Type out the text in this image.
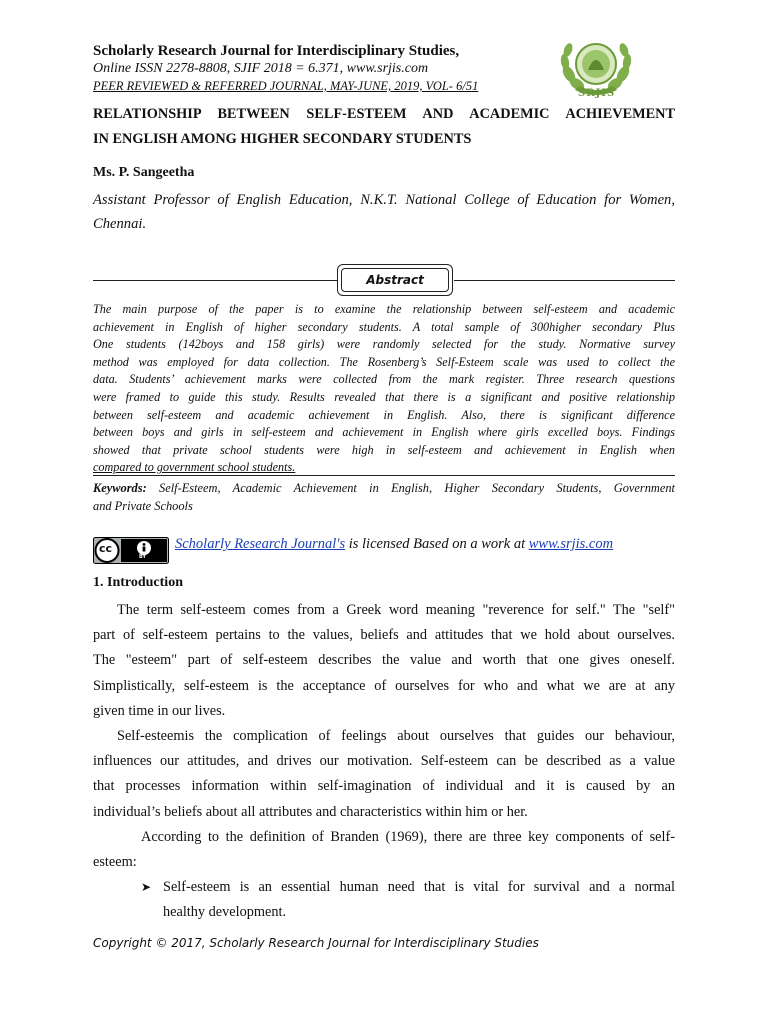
Scholarly Research Journal for Interdisciplinary Studies,
Online ISSN 2278-8808, SJIF 2018 = 6.371, www.srjis.com
PEER REVIEWED & REFERRED JOURNAL, MAY-JUNE, 2019, VOL- 6/51
SRJIS
RELATIONSHIP BETWEEN SELF-ESTEEM AND ACADEMIC ACHIEVEMENT
IN ENGLISH AMONG HIGHER SECONDARY STUDENTS
Ms. P. Sangeetha
Assistant Professor of English Education, N.K.T. National College of Education for Women,
Chennai.
Abstract
The main purpose of the paper is to examine the relationship between self-esteem and academic
achievement in English of higher secondary students. A total sample of 300higher secondary Plus
One students (142boys and 158 girls) were randomly selected for the study. Normative survey
method was employed for data collection. The Rosenberg’s Self-Esteem scale was used to collect the
data. Students’ achievement marks were collected from the mark register. Three research questions
were framed to guide this study. Results revealed that there is a significant and positive relationship
between self-esteem and academic achievement in English. Also, there is significant difference
between boys and girls in self-esteem and achievement in English where girls excelled boys. Findings
showed that private school students were high in self-esteem and achievement in English when
compared to government school students.
Keywords: Self-Esteem, Academic Achievement in English, Higher Secondary Students, Government
and Private Schools
cc
BY
Scholarly Research Journal's is licensed Based on a work at www.srjis.com
1. Introduction
The term self-esteem comes from a Greek word meaning "reverence for self." The "self"
part of self-esteem pertains to the values, beliefs and attitudes that we hold about ourselves.
The "esteem" part of self-esteem describes the value and worth that one gives oneself.
Simplistically, self-esteem is the acceptance of ourselves for who and what we are at any
given time in our lives.
Self-esteemis the complication of feelings about ourselves that guides our behaviour,
influences our attitudes, and drives our motivation. Self-esteem can be described as a value
that processes information within self-imagination of individual and it is caused by an
individual’s beliefs about all attributes and characteristics within him or her.
According to the definition of Branden (1969), there are three key components of self-
esteem:
➤ Self-esteem is an essential human need that is vital for survival and a normal
healthy development.
Copyright © 2017, Scholarly Research Journal for Interdisciplinary Studies
